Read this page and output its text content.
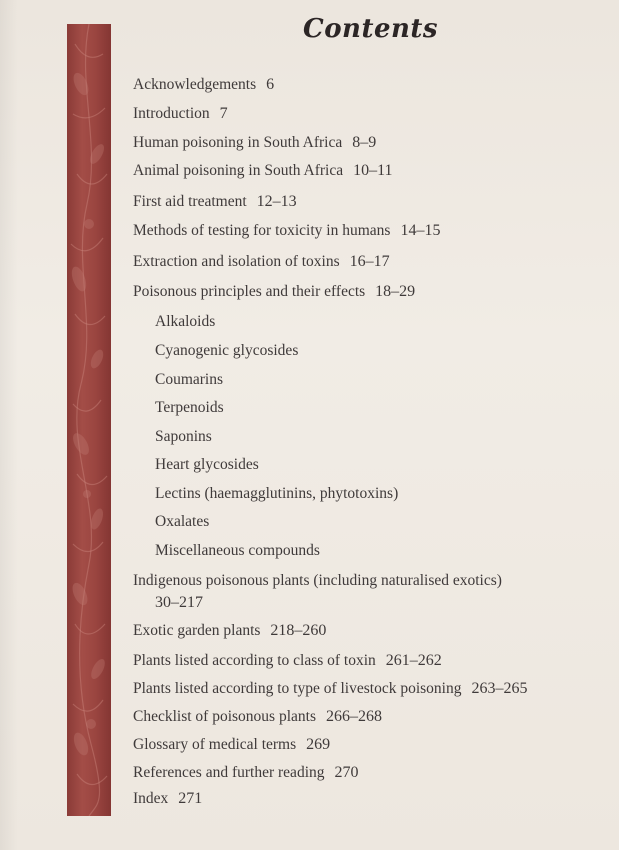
Contents
Acknowledgements 6
Introduction 7
Human poisoning in South Africa 8–9
Animal poisoning in South Africa 10–11
First aid treatment 12–13
Methods of testing for toxicity in humans 14–15
Extraction and isolation of toxins 16–17
Poisonous principles and their effects 18–29
Alkaloids
Cyanogenic glycosides
Coumarins
Terpenoids
Saponins
Heart glycosides
Lectins (haemagglutinins, phytotoxins)
Oxalates
Miscellaneous compounds
Indigenous poisonous plants (including naturalised exotics)
30–217
Exotic garden plants 218–260
Plants listed according to class of toxin 261–262
Plants listed according to type of livestock poisoning 263–265
Checklist of poisonous plants 266–268
Glossary of medical terms 269
References and further reading 270
Index 271
